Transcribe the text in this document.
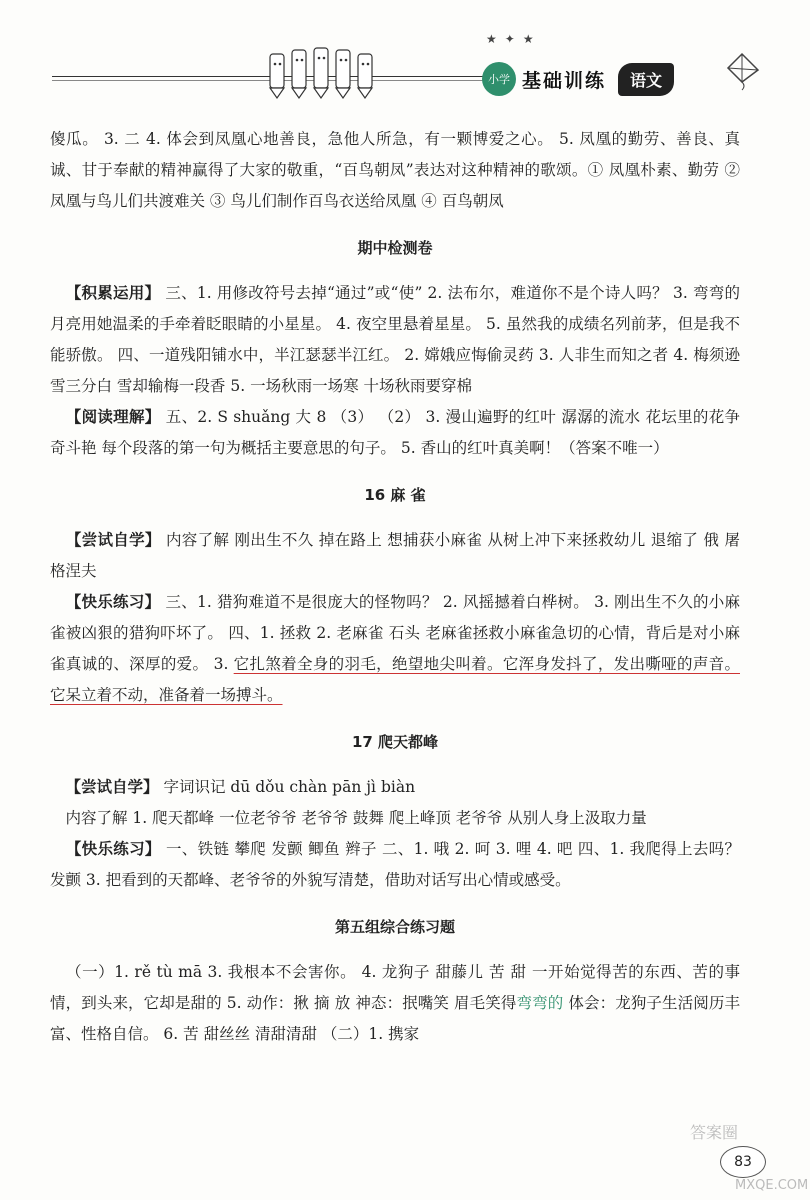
★✦★
小学 基础训练	语文

傻瓜。 3. 二 4. 体会到凤凰心地善良，急他人所急，有一颗博爱之心。 5. 凤凰的勤劳、善良、真诚、甘于奉献的精神赢得了大家的敬重，“百鸟朝凤”表达对这种精神的歌颂。① 凤凰朴素、勤劳 ② 凤凰与鸟儿们共渡难关 ③ 鸟儿们制作百鸟衣送给凤凰 ④ 百鸟朝凤

期中检测卷

 【积累运用】 三、1. 用修改符号去掉“通过”或“使” 2. 法布尔，难道你不是个诗人吗？ 3. 弯弯的月亮用她温柔的手牵着眨眼睛的小星星。 4. 夜空里悬着星星。 5. 虽然我的成绩名列前茅，但是我不能骄傲。 四、一道残阳铺水中，半江瑟瑟半江红。 2. 嫦娥应悔偷灵药 3. 人非生而知之者 4. 梅须逊雪三分白 雪却输梅一段香 5. 一场秋雨一场寒 十场秋雨要穿棉

 【阅读理解】 五、2. S shuǎng 大 8 （3） （2） 3. 漫山遍野的红叶 潺潺的流水 花坛里的花争奇斗艳 每个段落的第一句为概括主要意思的句子。 5. 香山的红叶真美啊！（答案不唯一）

16 麻 雀

 【尝试自学】 内容了解 刚出生不久 掉在路上 想捕获小麻雀 从树上冲下来拯救幼儿 退缩了 俄 屠格涅夫

 【快乐练习】 三、1. 猎狗难道不是很庞大的怪物吗？ 2. 风摇撼着白桦树。 3. 刚出生不久的小麻雀被凶狠的猎狗吓坏了。 四、1. 拯救 2. 老麻雀 石头 老麻雀拯救小麻雀急切的心情，背后是对小麻雀真诚的、深厚的爱。 3. 它扎煞着全身的羽毛，绝望地尖叫着。它浑身发抖了，发出嘶哑的声音。它呆立着不动，准备着一场搏斗。

17 爬天都峰

 【尝试自学】 字词识记 dū dǒu chàn pān jì biàn

 内容了解 1. 爬天都峰 一位老爷爷 老爷爷 鼓舞 爬上峰顶 老爷爷 从别人身上汲取力量

 【快乐练习】 一、铁链 攀爬 发颤 鲫鱼 辫子 二、1. 哦 2. 呵 3. 哩 4. 吧 四、1. 我爬得上去吗？ 发颤 3. 把看到的天都峰、老爷爷的外貌写清楚，借助对话写出心情或感受。

第五组综合练习题

 （一）1. rě tù mā 3. 我根本不会害你。 4. 龙狗子 甜藤儿 苦 甜 一开始觉得苦的东西、苦的事情，到头来，它却是甜的 5. 动作：揪 摘 放 神态：抿嘴笑 眉毛笑得弯弯的 体会：龙狗子生活阅历丰富、性格自信。 6. 苦 甜丝丝 清甜清甜 （二）1. 携家

答案圈
83
MXQE.COM
